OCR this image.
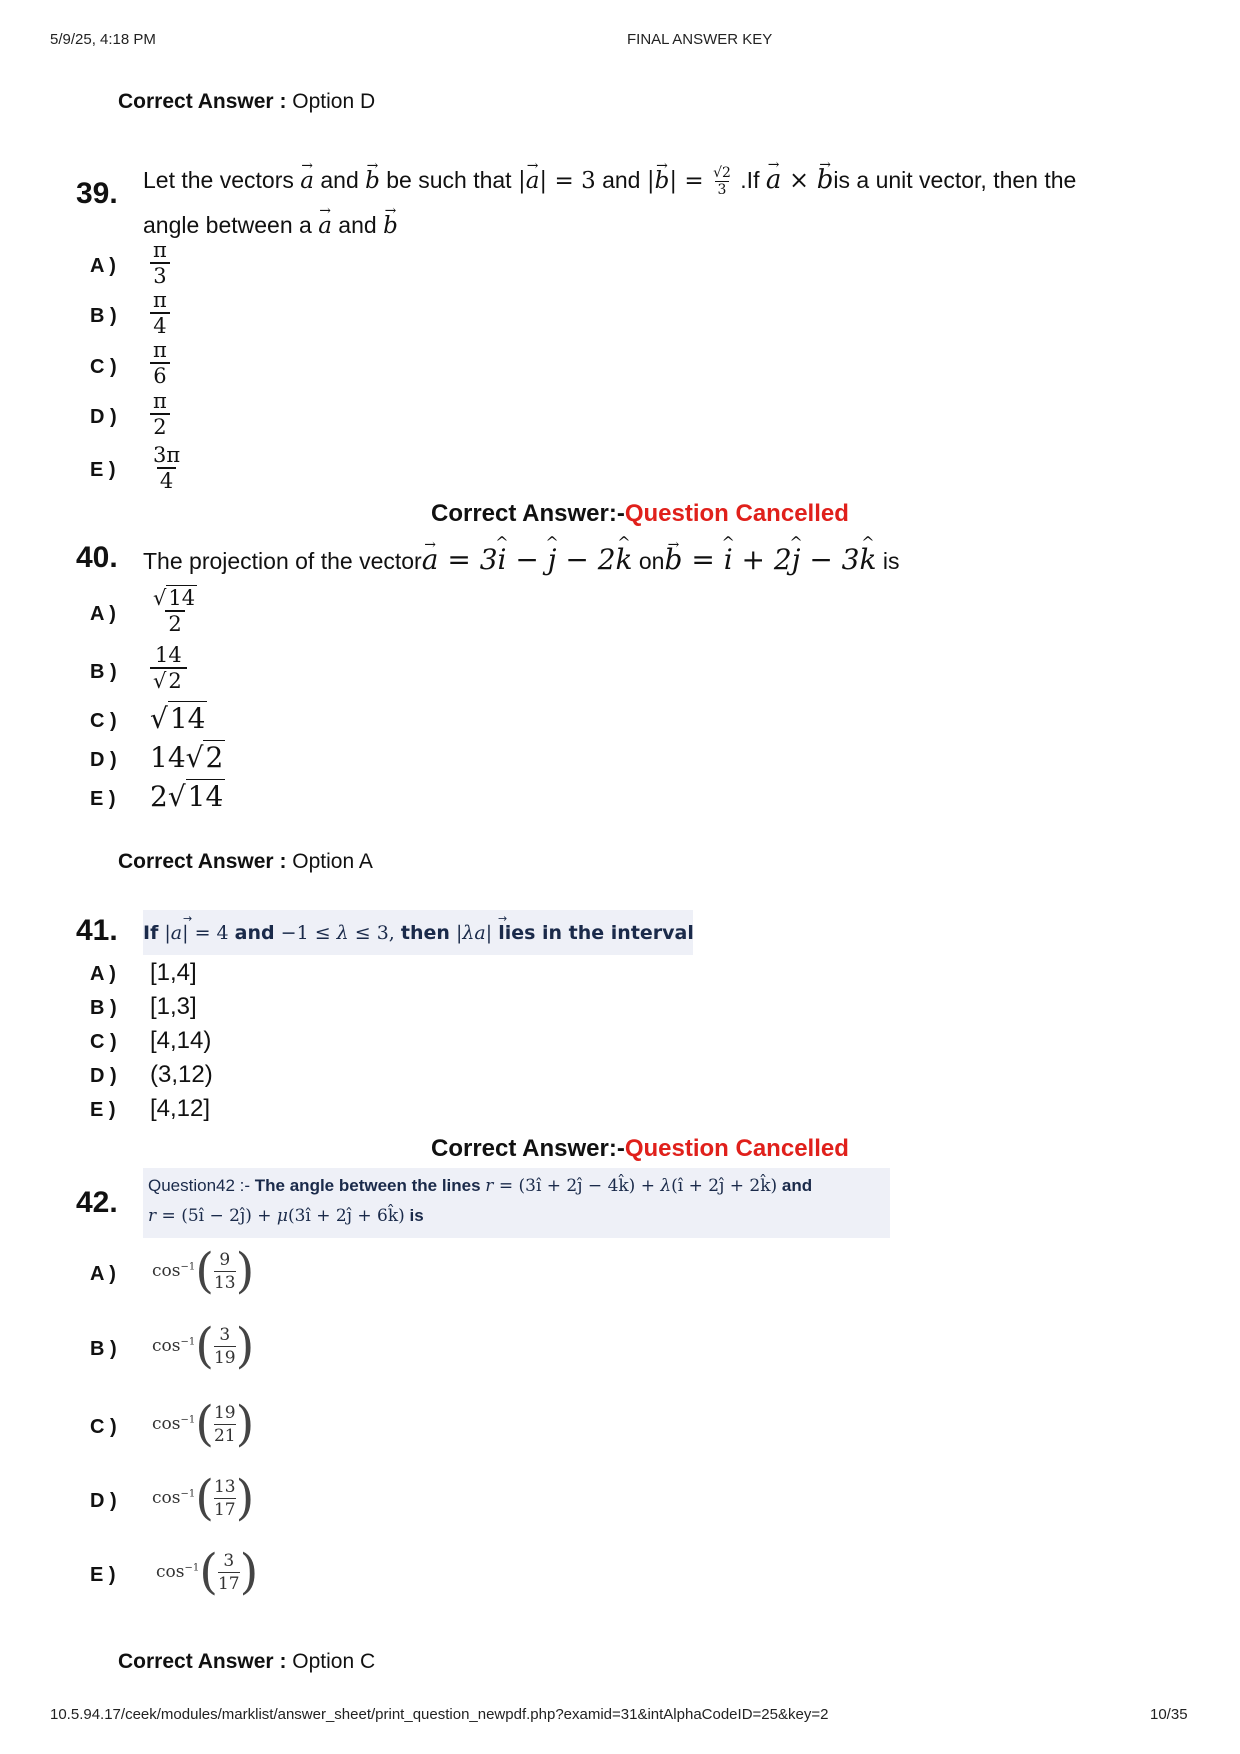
5/9/25, 4:18 PM	FINAL ANSWER KEY
Correct Answer : Option D
39. Let the vectors → a and → b be such that |→ a| = 3 and |→ $b| = \frac{√2}{3} .If \to a$ × → bis a unit vector, then the
angle between a → a and → b
A ) $\frac{\pi}{3}$
B ) $\frac{\pi}{4}$
C ) $\frac{\pi}{6}$
D ) $\frac{\pi}{2}$
E ) $\frac{3\pi}{4}$
Correct Answer:-Question Cancelled
40. The projection of the vector→ a = 3^ i − ^ j − 2^ k on→ b = ^ i + 2^ j − 3^ k is
A ) $\frac{√14}{2}$
B ) $\frac{14}{√2}$
C ) √14
D ) 14√2
E ) 2√14
Correct Answer : Option A
41. If |a| = 4 and −1 ≤ λ ≤ 3, then |λa| lies in the interval
→	→
A ) [1,4]
B ) [1,3]
C ) [4,14)
D ) (3,12)
E ) [4,12]
Correct Answer:-Question Cancelled
42.
Question42 :- The angle between the lines r = (3î + 2ĵ − 4k̂) + λ(î + 2ĵ + 2k̂) and
r = (5î − 2ĵ) + μ(3î + 2ĵ + 6k̂) is
A ) $\cos^{-1}$ ( 9
13 )
B ) $\cos^{-1}$ ( 3
19 )
C ) $\cos^{-1}$ ( 19
21 )
D ) $\cos^{-1}$ ( 13
17 )
E ) $\cos^{-1}$ ( 3
17 )
Correct Answer : Option C
10.5.94.17/ceek/modules/marklist/answer_sheet/print_question_newpdf.php?examid=31&intAlphaCodeID=25&key=2	10/35
